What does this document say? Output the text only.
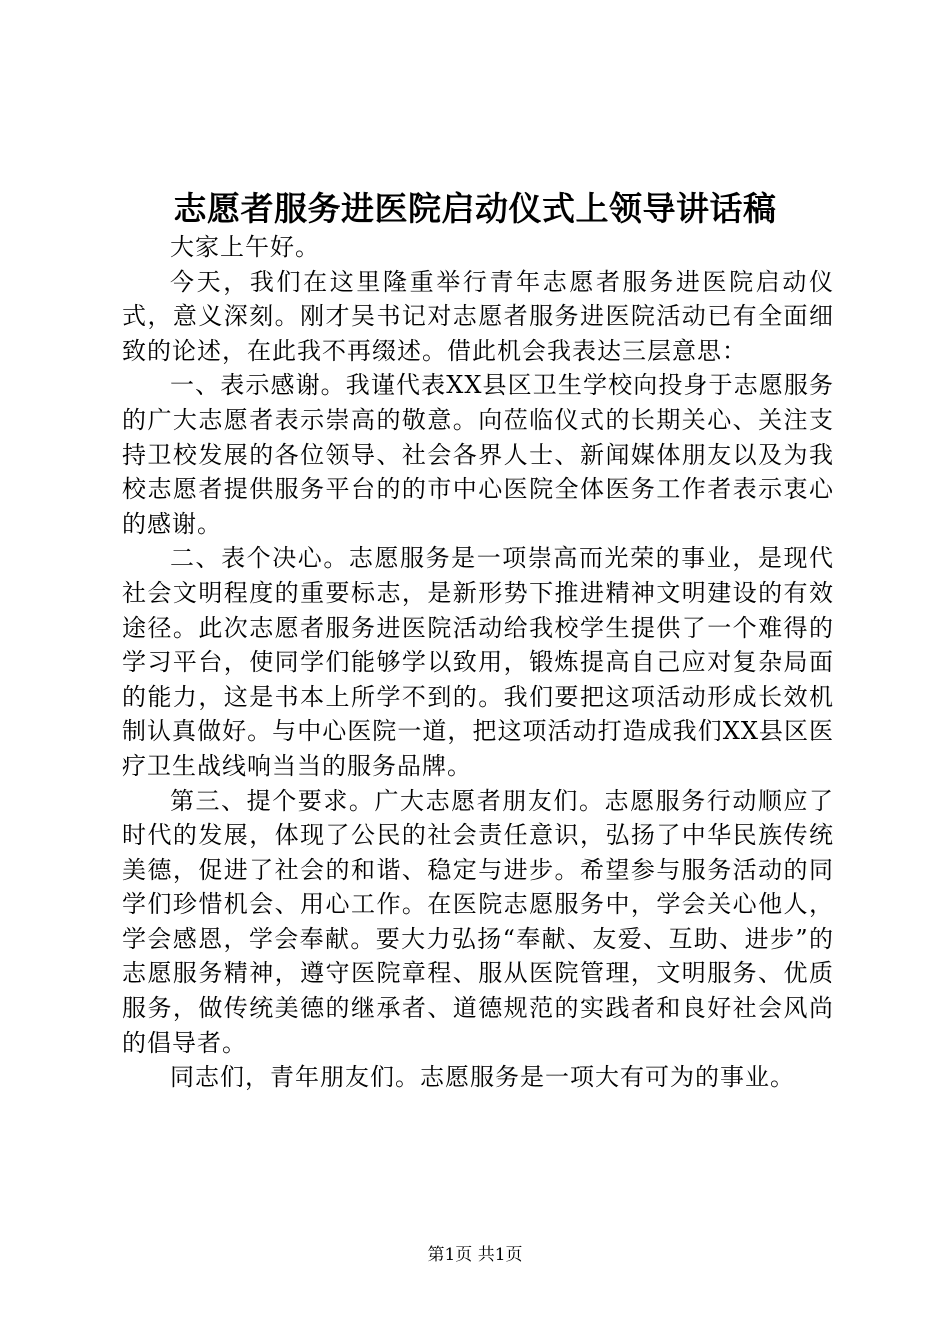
志愿者服务进医院启动仪式上领导讲话稿

大家上午好。

今天，我们在这里隆重举行青年志愿者服务进医院启动仪式，意义深刻。刚才吴书记对志愿者服务进医院活动已有全面细致的论述，在此我不再缀述。借此机会我表达三层意思：

一、表示感谢。我谨代表XX县区卫生学校向投身于志愿服务的广大志愿者表示崇高的敬意。向莅临仪式的长期关心、关注支持卫校发展的各位领导、社会各界人士、新闻媒体朋友以及为我校志愿者提供服务平台的的市中心医院全体医务工作者表示衷心的感谢。

二、表个决心。志愿服务是一项崇高而光荣的事业，是现代社会文明程度的重要标志，是新形势下推进精神文明建设的有效途径。此次志愿者服务进医院活动给我校学生提供了一个难得的学习平台，使同学们能够学以致用，锻炼提高自己应对复杂局面的能力，这是书本上所学不到的。我们要把这项活动形成长效机制认真做好。与中心医院一道，把这项活动打造成我们XX县区医疗卫生战线响当当的服务品牌。

第三、提个要求。广大志愿者朋友们。志愿服务行动顺应了时代的发展，体现了公民的社会责任意识，弘扬了中华民族传统美德，促进了社会的和谐、稳定与进步。希望参与服务活动的同学们珍惜机会、用心工作。在医院志愿服务中，学会关心他人，学会感恩，学会奉献。要大力弘扬“奉献、友爱、互助、进步”的志愿服务精神，遵守医院章程、服从医院管理，文明服务、优质服务，做传统美德的继承者、道德规范的实践者和良好社会风尚的倡导者。

同志们，青年朋友们。志愿服务是一项大有可为的事业。

第1页 共1页
